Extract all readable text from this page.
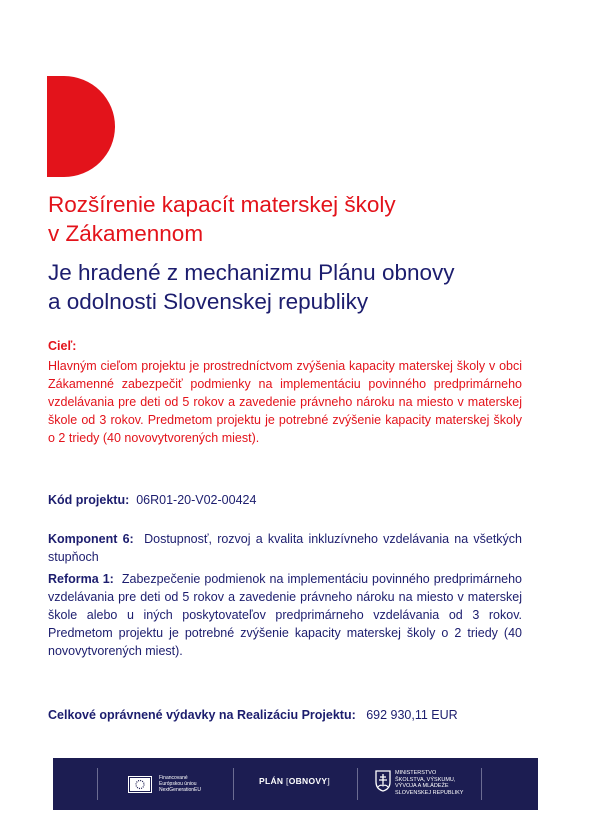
Rozšírenie kapacít materskej školy
v Zákamennom
Je hradené z mechanizmu Plánu obnovy
a odolnosti Slovenskej republiky
Cieľ:
Hlavným cieľom projektu je prostredníctvom zvýšenia kapacity materskej školy v obci Zákamenné zabezpečiť podmienky na implementáciu povinného predprimárneho vzdelávania pre deti od 5 rokov a zavedenie právneho nároku na miesto v materskej škole od 3 rokov. Predmetom projektu je potrebné zvýšenie kapacity materskej školy o 2 triedy (40 novovytvorených miest).
Kód projektu: 06R01-20-V02-00424
Komponent 6: Dostupnosť, rozvoj a kvalita inkluzívneho vzdelávania na všetkých stupňoch
Reforma 1: Zabezpečenie podmienok na implementáciu povinného predprimárneho vzdelávania pre deti od 5 rokov a zavedenie právneho nároku na miesto v materskej škole alebo u iných poskytovateľov predprimárneho vzdelávania od 3 rokov. Predmetom projektu je potrebné zvýšenie kapacity materskej školy o 2 triedy (40 novovytvorených miest).
Celkové oprávnené výdavky na Realizáciu Projektu: 692 930,11 EUR
Financované
Európskou úniou
NextGenerationEU
PLÁN [OBNOVY]
MINISTERSTVO
ŠKOLSTVA, VÝSKUMU,
VÝVOJA A MLÁDEŽE
SLOVENSKEJ REPUBLIKY
